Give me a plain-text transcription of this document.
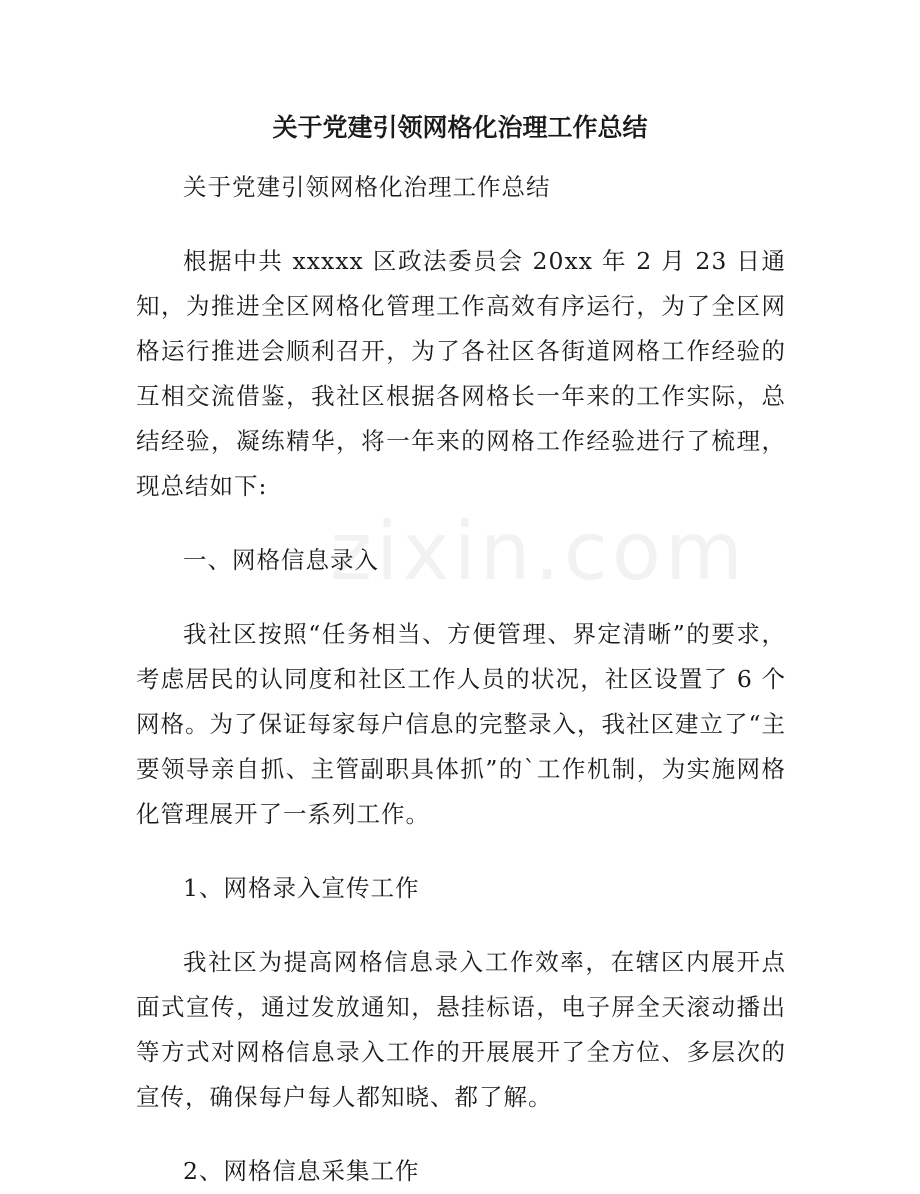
关于党建引领网格化治理工作总结

关于党建引领网格化治理工作总结

根据中共 xxxxx 区政法委员会 20xx 年 2 月 23 日通知，为推进全区网格化管理工作高效有序运行，为了全区网格运行推进会顺利召开，为了各社区各街道网格工作经验的互相交流借鉴，我社区根据各网格长一年来的工作实际，总结经验，凝练精华，将一年来的网格工作经验进行了梳理，现总结如下:

一、网格信息录入

我社区按照“任务相当、方便管理、界定清晰”的要求，考虑居民的认同度和社区工作人员的状况，社区设置了 6 个网格。为了保证每家每户信息的完整录入，我社区建立了“主要领导亲自抓、主管副职具体抓”的`工作机制，为实施网格化管理展开了一系列工作。

1、网格录入宣传工作

我社区为提高网格信息录入工作效率，在辖区内展开点面式宣传，通过发放通知，悬挂标语，电子屏全天滚动播出等方式对网格信息录入工作的开展展开了全方位、多层次的宣传，确保每户每人都知晓、都了解。

2、网格信息采集工作

zixin.com
